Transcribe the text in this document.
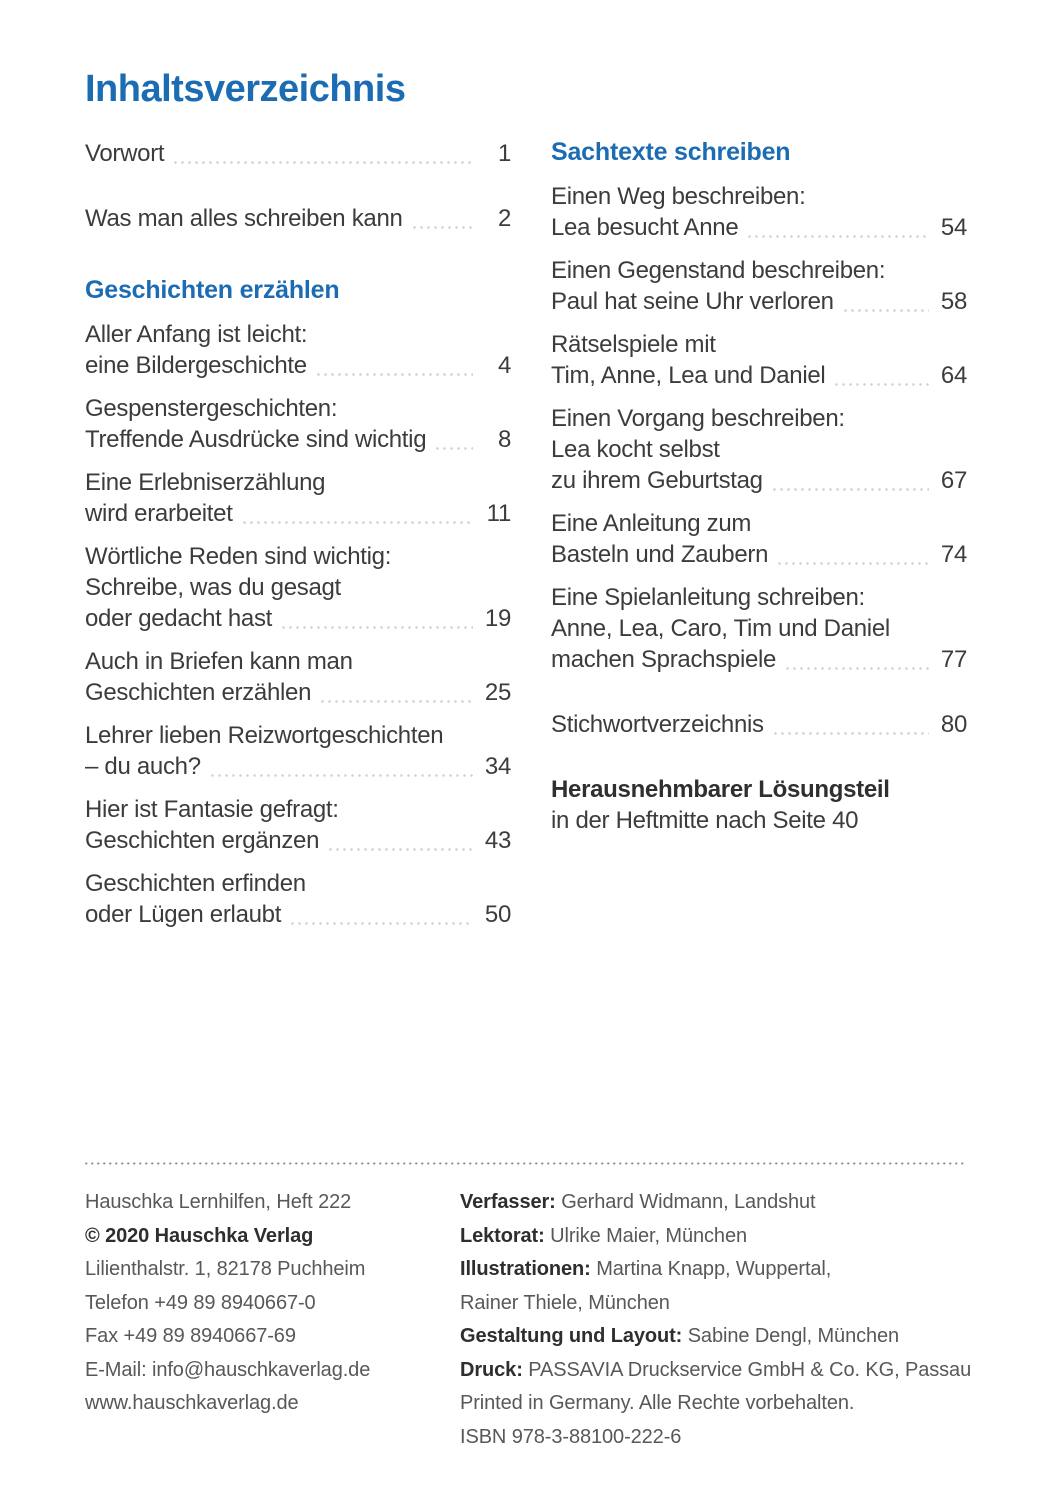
Inhaltsverzeichnis
Vorwort	1
Was man alles schreiben kann	2
Geschichten erzählen
Aller Anfang ist leicht:
eine Bildergeschichte	4
Gespenstergeschichten:
Treffende Ausdrücke sind wichtig	8
Eine Erlebniserzählung
wird erarbeitet	11
Wörtliche Reden sind wichtig:
Schreibe, was du gesagt
oder gedacht hast	19
Auch in Briefen kann man
Geschichten erzählen	25
Lehrer lieben Reizwortgeschichten
– du auch?	34
Hier ist Fantasie gefragt:
Geschichten ergänzen	43
Geschichten erfinden
oder Lügen erlaubt	50
Sachtexte schreiben
Einen Weg beschreiben:
Lea besucht Anne	54
Einen Gegenstand beschreiben:
Paul hat seine Uhr verloren	58
Rätselspiele mit
Tim, Anne, Lea und Daniel	64
Einen Vorgang beschreiben:
Lea kocht selbst
zu ihrem Geburtstag	67
Eine Anleitung zum
Basteln und Zaubern	74
Eine Spielanleitung schreiben:
Anne, Lea, Caro, Tim und Daniel
machen Sprachspiele	77
Stichwortverzeichnis	80
Herausnehmbarer Lösungsteil
in der Heftmitte nach Seite 40
Hauschka Lernhilfen, Heft 222
© 2020 Hauschka Verlag
Lilienthalstr. 1, 82178 Puchheim
Telefon +49 89 8940667-0
Fax +49 89 8940667-69
E-Mail: info@hauschkaverlag.de
www.hauschkaverlag.de
Verfasser: Gerhard Widmann, Landshut
Lektorat: Ulrike Maier, München
Illustrationen: Martina Knapp, Wuppertal,
Rainer Thiele, München
Gestaltung und Layout: Sabine Dengl, München
Druck: PASSAVIA Druckservice GmbH & Co. KG, Passau
Printed in Germany. Alle Rechte vorbehalten.
ISBN 978-3-88100-222-6
